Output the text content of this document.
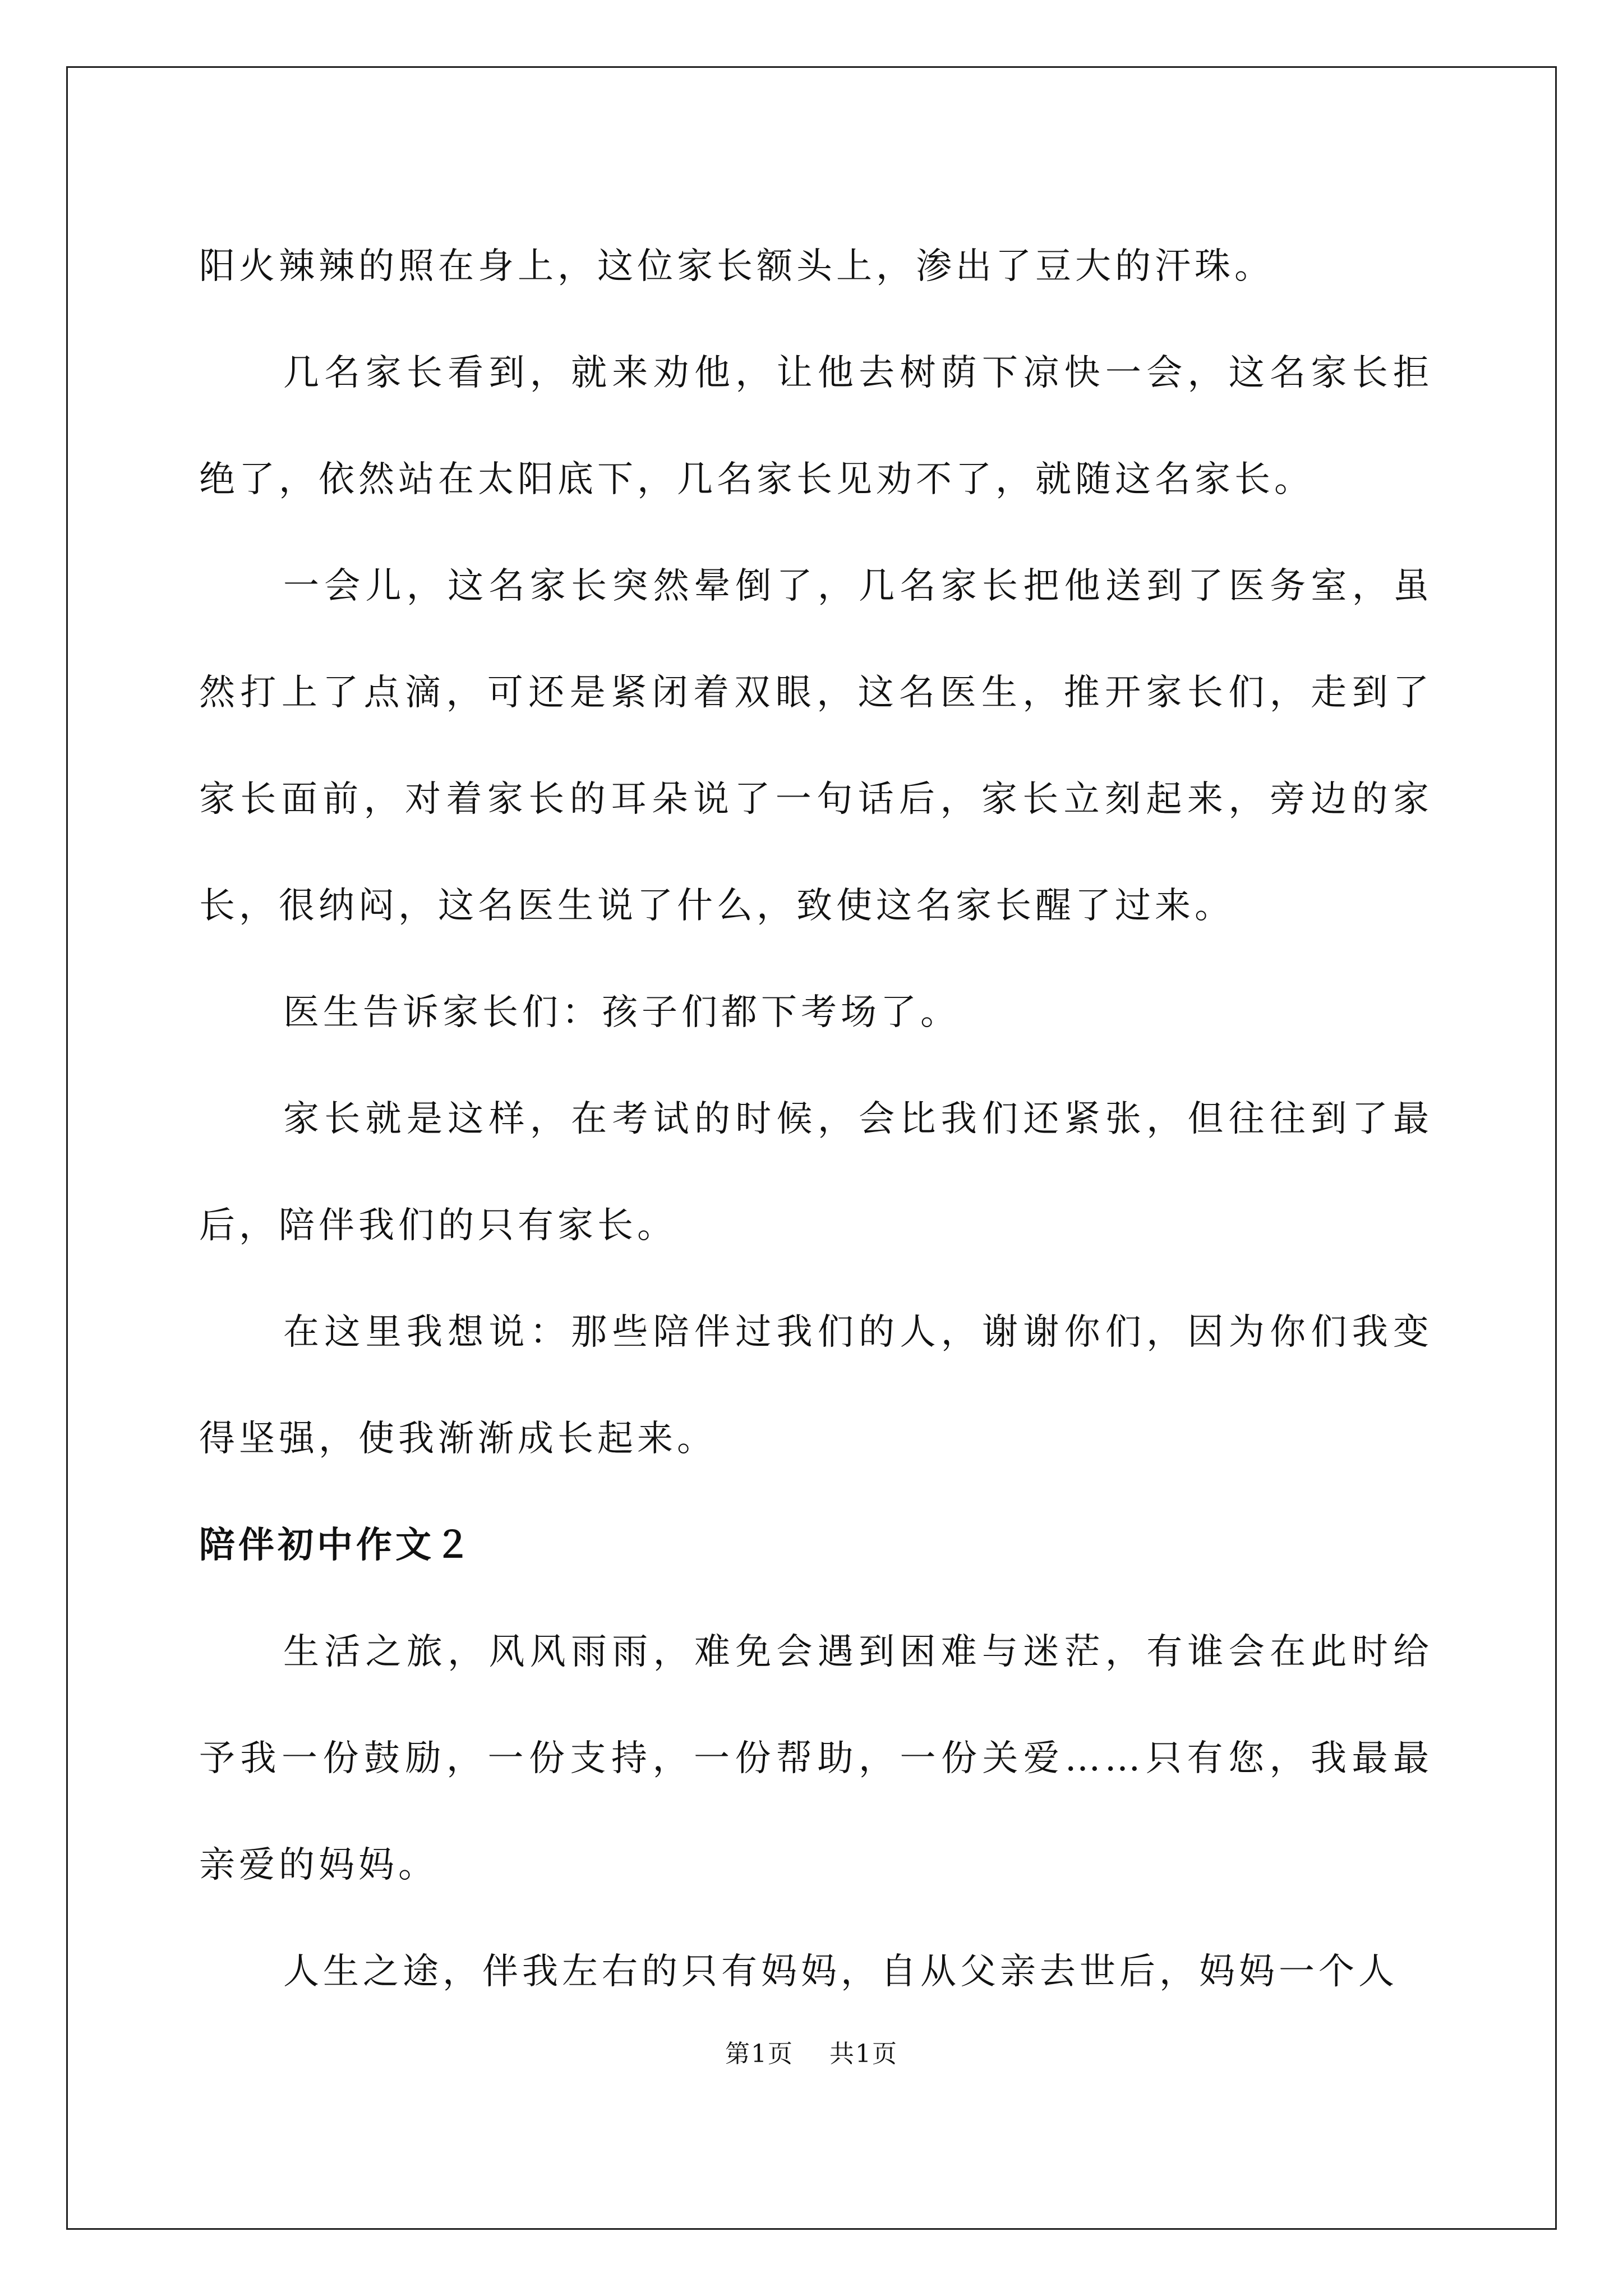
阳火辣辣的照在身上，这位家长额头上，渗出了豆大的汗珠。

几名家长看到，就来劝他，让他去树荫下凉快一会，这名家长拒绝了，依然站在太阳底下，几名家长见劝不了，就随这名家长。

一会儿，这名家长突然晕倒了，几名家长把他送到了医务室，虽然打上了点滴，可还是紧闭着双眼，这名医生，推开家长们，走到了家长面前，对着家长的耳朵说了一句话后，家长立刻起来，旁边的家长，很纳闷，这名医生说了什么，致使这名家长醒了过来。

医生告诉家长们：孩子们都下考场了。

家长就是这样，在考试的时候，会比我们还紧张，但往往到了最后，陪伴我们的只有家长。

在这里我想说：那些陪伴过我们的人，谢谢你们，因为你们我变得坚强，使我渐渐成长起来。

陪伴初中作文２

生活之旅，风风雨雨，难免会遇到困难与迷茫，有谁会在此时给予我一份鼓励，一份支持，一份帮助，一份关爱……只有您，我最最亲爱的妈妈。

人生之途，伴我左右的只有妈妈，自从父亲去世后，妈妈一个人

第1页 共1页
